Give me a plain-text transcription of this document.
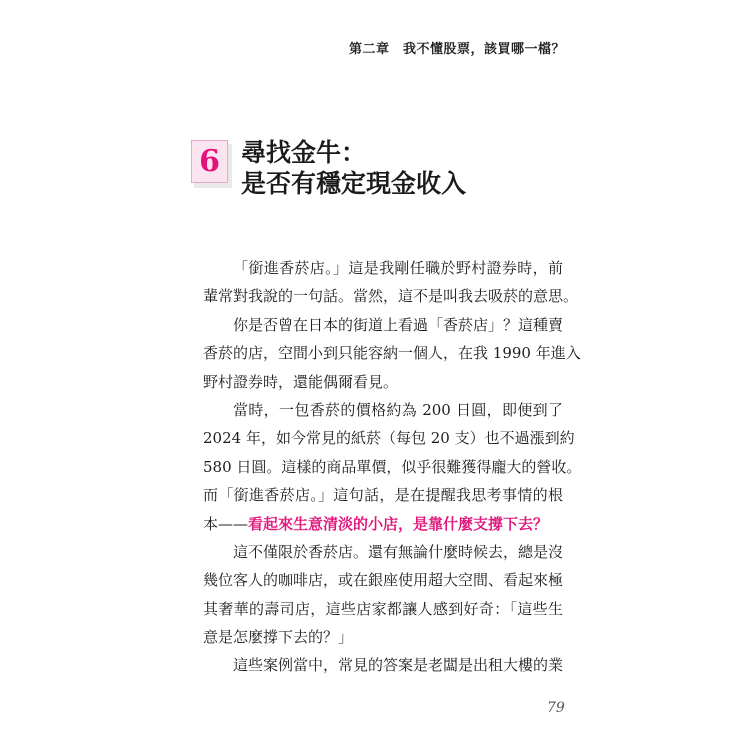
第二章　我不懂股票，該買哪一檔？
6 尋找金牛：
是否有穩定現金收入
「銜進香菸店。」這是我剛任職於野村證券時，前
輩常對我說的一句話。當然，這不是叫我去吸菸的意思。
你是否曾在日本的街道上看過「香菸店」？這種賣
香菸的店，空間小到只能容納一個人，在我 1990 年進入
野村證券時，還能偶爾看見。
當時，一包香菸的價格約為 200 日圓，即便到了
2024 年，如今常見的紙菸（每包 20 支）也不過漲到約
580 日圓。這樣的商品單價，似乎很難獲得龐大的營收。
而「銜進香菸店。」這句話，是在提醒我思考事情的根
本——看起來生意清淡的小店，是靠什麼支撐下去？
這不僅限於香菸店。還有無論什麼時候去，總是沒
幾位客人的咖啡店，或在銀座使用超大空間、看起來極
其奢華的壽司店，這些店家都讓人感到好奇：「這些生
意是怎麼撐下去的？」
這些案例當中，常見的答案是老闆是出租大樓的業
79
